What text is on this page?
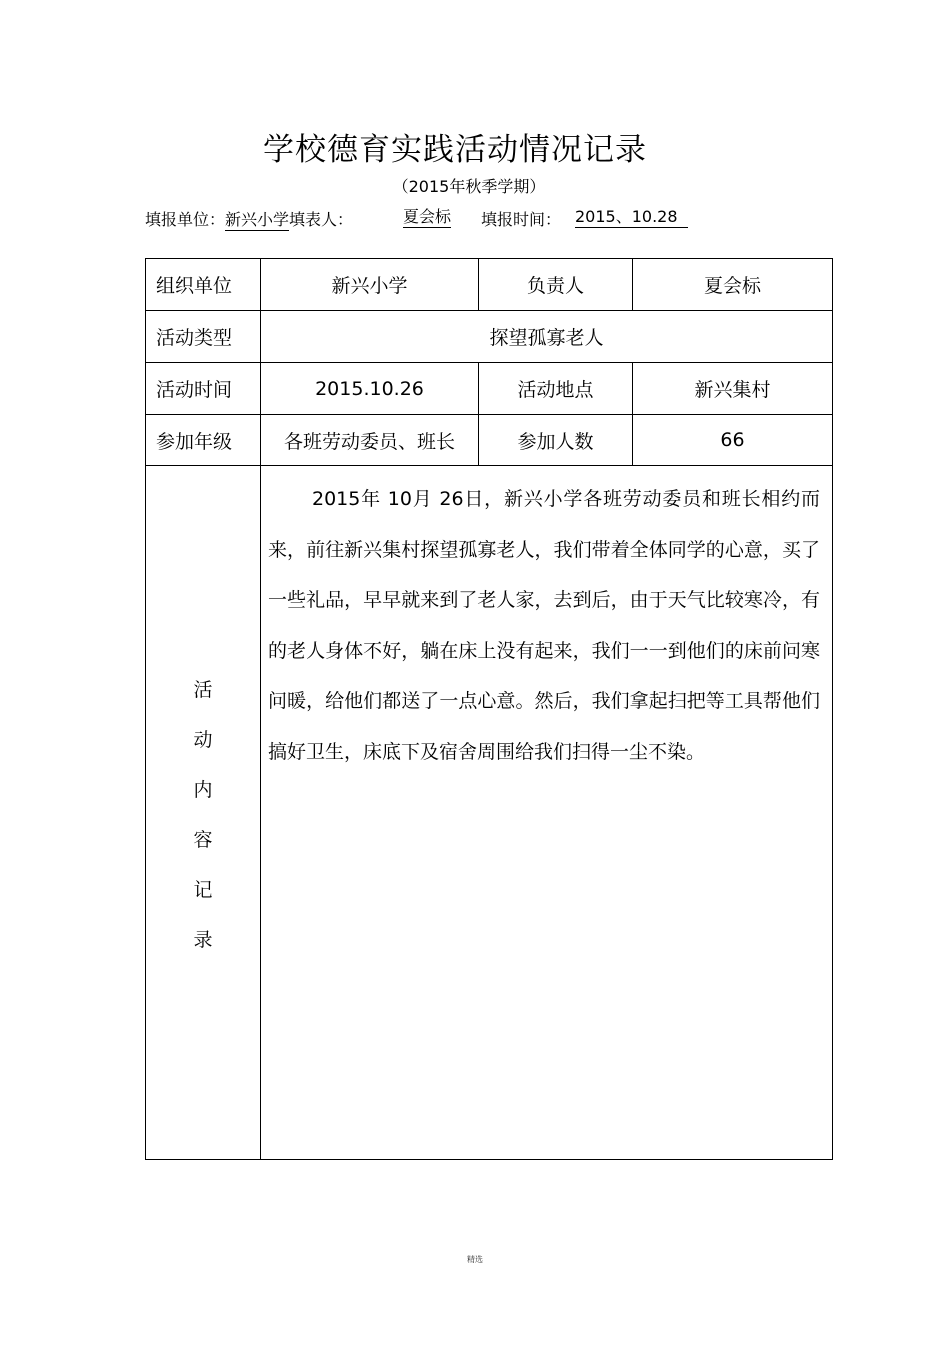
学校德育实践活动情况记录
（2015年秋季学期）
填报单位：新兴小学填表人：	夏会标 填报时间： 2015、10.28
组织单位	新兴小学	负责人	夏会标
活动类型	探望孤寡老人
活动时间	2015.10.26	活动地点	新兴集村
参加年级	各班劳动委员、班长	参加人数	66
活
动
内
容
记
录
2015年 10月 26日，新兴小学各班劳动委员和班长相约而来，前往新兴集村探望孤寡老人，我们带着全体同学的心意，买了一些礼品，早早就来到了老人家，去到后，由于天气比较寒冷，有的老人身体不好，躺在床上没有起来，我们一一到他们的床前问寒问暖，给他们都送了一点心意。然后，我们拿起扫把等工具帮他们搞好卫生，床底下及宿舍周围给我们扫得一尘不染。
精选
